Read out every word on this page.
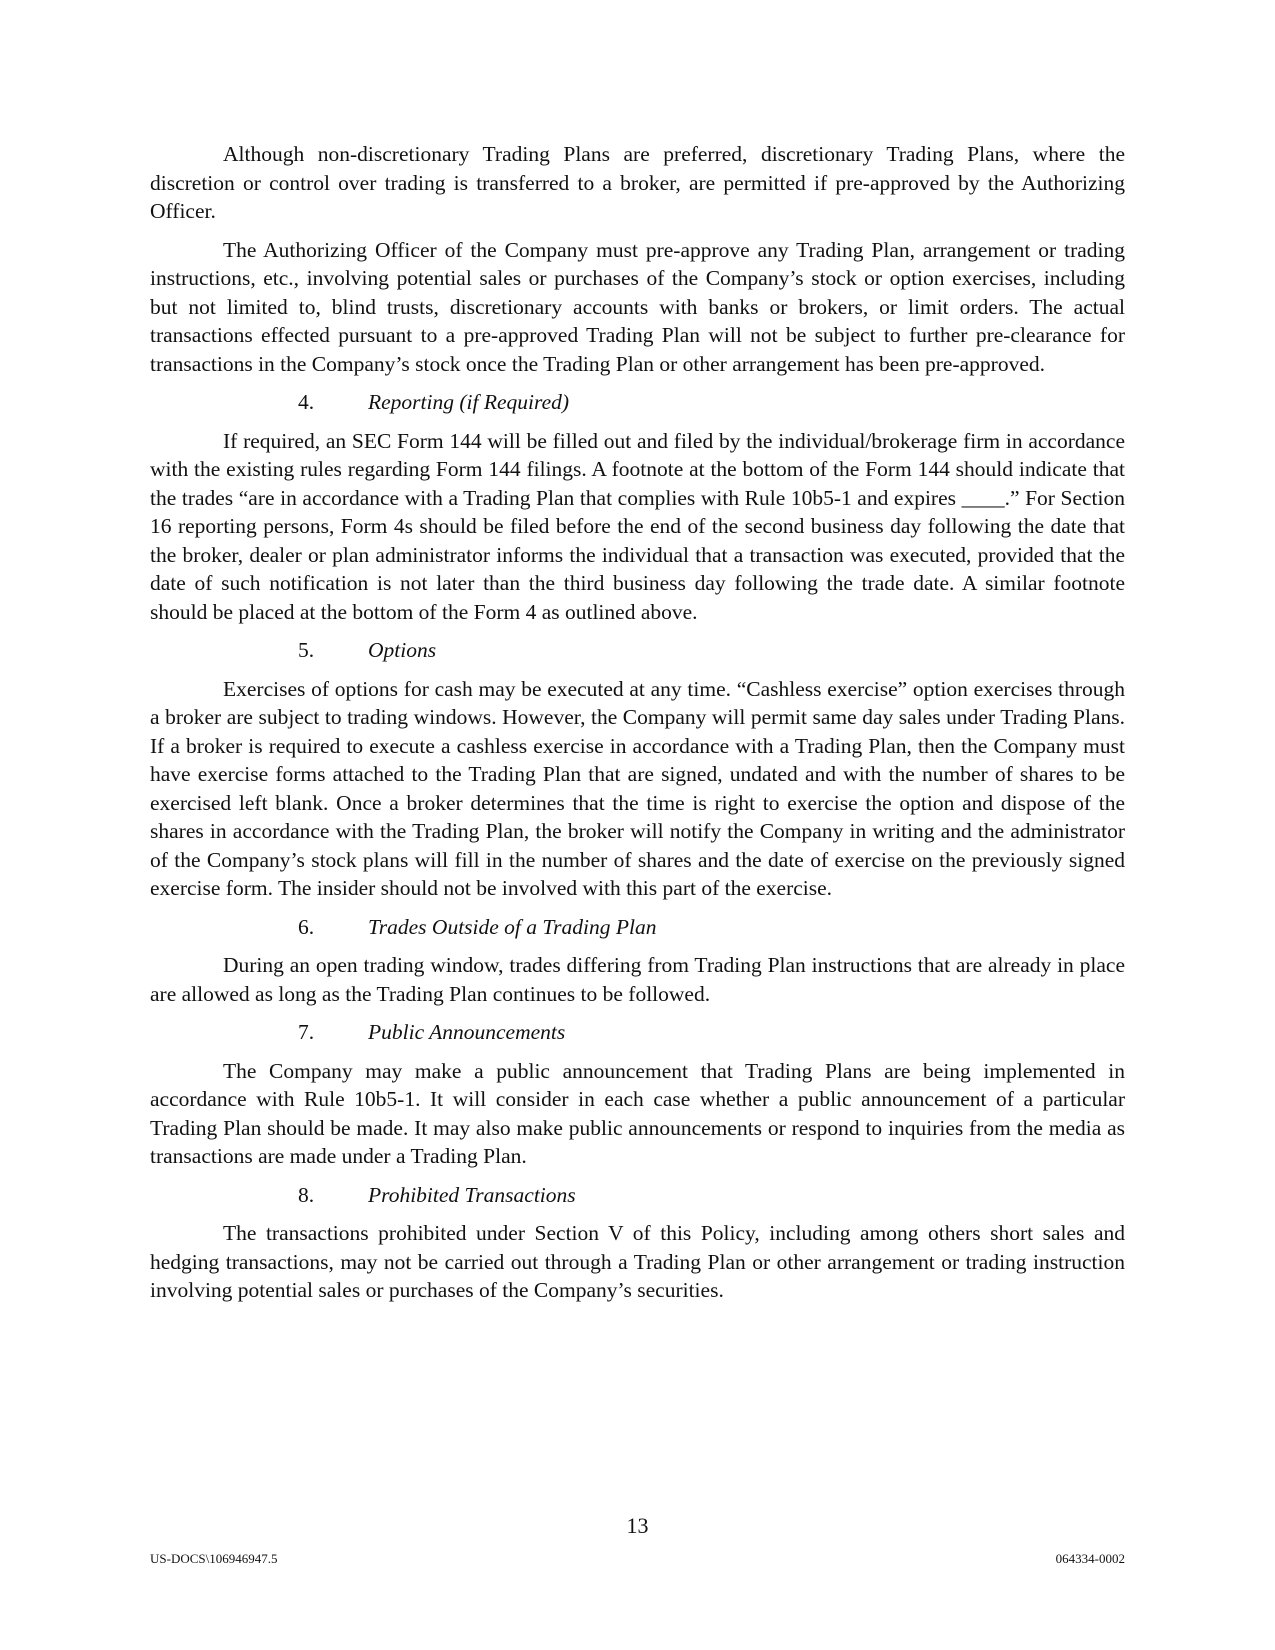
Although non-discretionary Trading Plans are preferred, discretionary Trading Plans, where the discretion or control over trading is transferred to a broker, are permitted if pre-approved by the Authorizing Officer.

The Authorizing Officer of the Company must pre-approve any Trading Plan, arrangement or trading instructions, etc., involving potential sales or purchases of the Company’s stock or option exercises, including but not limited to, blind trusts, discretionary accounts with banks or brokers, or limit orders. The actual transactions effected pursuant to a pre-approved Trading Plan will not be subject to further pre-clearance for transactions in the Company’s stock once the Trading Plan or other arrangement has been pre-approved.

4.	Reporting (if Required)

If required, an SEC Form 144 will be filled out and filed by the individual/brokerage firm in accordance with the existing rules regarding Form 144 filings. A footnote at the bottom of the Form 144 should indicate that the trades “are in accordance with a Trading Plan that complies with Rule 10b5-1 and expires ____.” For Section 16 reporting persons, Form 4s should be filed before the end of the second business day following the date that the broker, dealer or plan administrator informs the individual that a transaction was executed, provided that the date of such notification is not later than the third business day following the trade date. A similar footnote should be placed at the bottom of the Form 4 as outlined above.

5.	Options

Exercises of options for cash may be executed at any time. “Cashless exercise” option exercises through a broker are subject to trading windows. However, the Company will permit same day sales under Trading Plans. If a broker is required to execute a cashless exercise in accordance with a Trading Plan, then the Company must have exercise forms attached to the Trading Plan that are signed, undated and with the number of shares to be exercised left blank. Once a broker determines that the time is right to exercise the option and dispose of the shares in accordance with the Trading Plan, the broker will notify the Company in writing and the administrator of the Company’s stock plans will fill in the number of shares and the date of exercise on the previously signed exercise form. The insider should not be involved with this part of the exercise.

6.	Trades Outside of a Trading Plan

During an open trading window, trades differing from Trading Plan instructions that are already in place are allowed as long as the Trading Plan continues to be followed.

7.	Public Announcements

The Company may make a public announcement that Trading Plans are being implemented in accordance with Rule 10b5-1. It will consider in each case whether a public announcement of a particular Trading Plan should be made. It may also make public announcements or respond to inquiries from the media as transactions are made under a Trading Plan.

8.	Prohibited Transactions

The transactions prohibited under Section V of this Policy, including among others short sales and hedging transactions, may not be carried out through a Trading Plan or other arrangement or trading instruction involving potential sales or purchases of the Company’s securities.

13
US-DOCS\106946947.5	064334-0002
